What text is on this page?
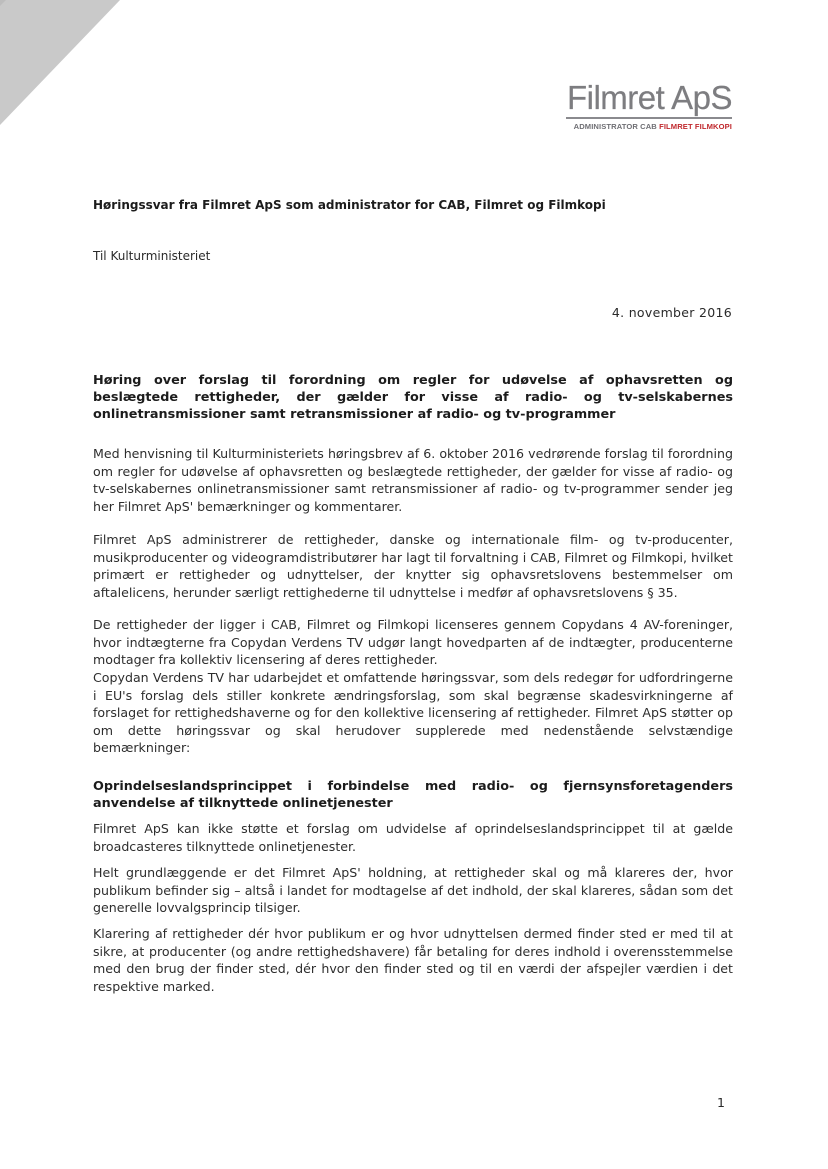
Filmret ApS
ADMINISTRATOR CAB FILMRET FILMKOPI
Høringssvar fra Filmret ApS som administrator for CAB, Filmret og Filmkopi
Til Kulturministeriet
4. november 2016
Høring over forslag til forordning om regler for udøvelse af ophavsretten og beslægtede rettigheder, der gælder for visse af radio- og tv-selskabernes onlinetransmissioner samt retransmissioner af radio- og tv-programmer
Med henvisning til Kulturministeriets høringsbrev af 6. oktober 2016 vedrørende forslag til forordning om regler for udøvelse af ophavsretten og beslægtede rettigheder, der gælder for visse af radio- og tv-selskabernes onlinetransmissioner samt retransmissioner af radio- og tv-programmer sender jeg her Filmret ApS' bemærkninger og kommentarer.
Filmret ApS administrerer de rettigheder, danske og internationale film- og tv-producenter, musikproducenter og videogramdistributører har lagt til forvaltning i CAB, Filmret og Filmkopi, hvilket primært er rettigheder og udnyttelser, der knytter sig ophavsretslovens bestemmelser om aftalelicens, herunder særligt rettighederne til udnyttelse i medfør af ophavsretslovens § 35.
De rettigheder der ligger i CAB, Filmret og Filmkopi licenseres gennem Copydans 4 AV-foreninger, hvor indtægterne fra Copydan Verdens TV udgør langt hovedparten af de indtægter, producenterne modtager fra kollektiv licensering af deres rettigheder.
Copydan Verdens TV har udarbejdet et omfattende høringssvar, som dels redegør for udfordringerne i EU's forslag dels stiller konkrete ændringsforslag, som skal begrænse skadesvirkningerne af forslaget for rettighedshaverne og for den kollektive licensering af rettigheder. Filmret ApS støtter op om dette høringssvar og skal herudover supplerede med nedenstående selvstændige bemærkninger:
Oprindelseslandsprincippet i forbindelse med radio- og fjernsynsforetagenders anvendelse af tilknyttede onlinetjenester
Filmret ApS kan ikke støtte et forslag om udvidelse af oprindelseslandsprincippet til at gælde broadcasteres tilknyttede onlinetjenester.
Helt grundlæggende er det Filmret ApS' holdning, at rettigheder skal og må klareres der, hvor publikum befinder sig – altså i landet for modtagelse af det indhold, der skal klareres, sådan som det generelle lovvalgsprincip tilsiger.
Klarering af rettigheder dér hvor publikum er og hvor udnyttelsen dermed finder sted er med til at sikre, at producenter (og andre rettighedshavere) får betaling for deres indhold i overensstemmelse med den brug der finder sted, dér hvor den finder sted og til en værdi der afspejler værdien i det respektive marked.
1
